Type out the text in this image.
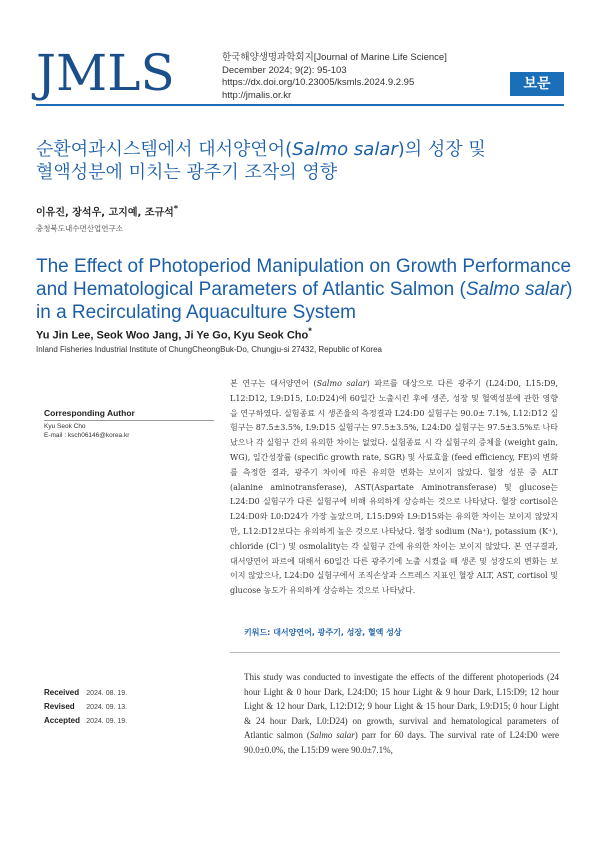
JMLS	한국해양생명과학회지[Journal of Marine Life Science]
December 2024; 9(2): 95-103
https://dx.doi.org/10.23005/ksmls.2024.9.2.95
http://jmalis.or.kr
보문
순환여과시스템에서 대서양연어(Salmo salar)의 성장 및
혈액성분에 미치는 광주기 조작의 영향
이유진, 장석우, 고지예, 조규석*
충청북도내수면산업연구소
The Effect of Photoperiod Manipulation on Growth Performance
and Hematological Parameters of Atlantic Salmon (Salmo salar)
in a Recirculating Aquaculture System
Yu Jin Lee, Seok Woo Jang, Ji Ye Go, Kyu Seok Cho*
Inland Fisheries Industrial Institute of ChungCheongBuk-Do, Chungju-si 27432, Republic of Korea
Corresponding Author
Kyu Seok Cho
E-mail : ksch06146@korea.kr
Received 2024. 08. 19.
Revised 2024. 09. 13.
Accepted 2024. 09. 19.
본 연구는 대서양연어 (Salmo salar) 파르를 대상으로 다른 광주기 (L24:D0, L15:D9, L12:D12, L9:D15, L0:D24)에 60일간 노출시킨 후에 생존, 성장 및 혈액성분에 관한 영향을 연구하였다. 실험종료 시 생존율의 측정결과 L24:D0 실험구는 90.0± 7.1%, L12:D12 실험구는 87.5±3.5%, L9:D15 실험구는 97.5±3.5%, L24:D0 실험구는 97.5±3.5%로 나타났으나 각 실험구 간의 유의한 차이는 없었다. 실험종료 시 각 실험구의 증체율 (weight gain, WG), 일간성장률 (specific growth rate, SGR) 및 사료효율 (feed efficiency, FE)의 변화를 측정한 결과, 광주기 차이에 따른 유의한 변화는 보이지 않았다. 혈장 성분 중 ALT (alanine aminotransferase), AST(Aspartate Aminotransferase) 및 glucose는 L24:D0 실험구가 다른 실험구에 비해 유의하게 상승하는 것으로 나타났다. 혈장 cortisol은 L24:D0와 L0:D24가 가장 높았으며, L15:D9와 L9:D15와는 유의한 차이는 보이지 않았지만, L12:D12보다는 유의하게 높은 것으로 나타났다. 혈장 sodium (Na⁺), potassium (K⁺), chloride (Cl⁻) 및 osmolality는 각 실험구 간에 유의한 차이는 보이지 않았다. 본 연구결과, 대서양연어 파르에 대해서 60일간 다른 광주기에 노출 시켰을 때 생존 및 성장도의 변화는 보이지 않았으나, L24:D0 실험구에서 조직손상과 스트레스 지표인 혈장 ALT, AST, cortisol 및 glucose 농도가 유의하게 상승하는 것으로 나타났다.
키워드: 대서양연어, 광주기, 성장, 혈액 성상
This study was conducted to investigate the effects of the different photoperiods (24 hour Light & 0 hour Dark, L24:D0; 15 hour Light & 9 hour Dark, L15:D9; 12 hour Light & 12 hour Dark, L12:D12; 9 hour Light & 15 hour Dark, L9:D15; 0 hour Light & 24 hour Dark, L0:D24) on growth, survival and hematological parameters of Atlantic salmon (Salmo salar) parr for 60 days. The survival rate of L24:D0 were 90.0±0.0%, the L15:D9 were 90.0±7.1%,
